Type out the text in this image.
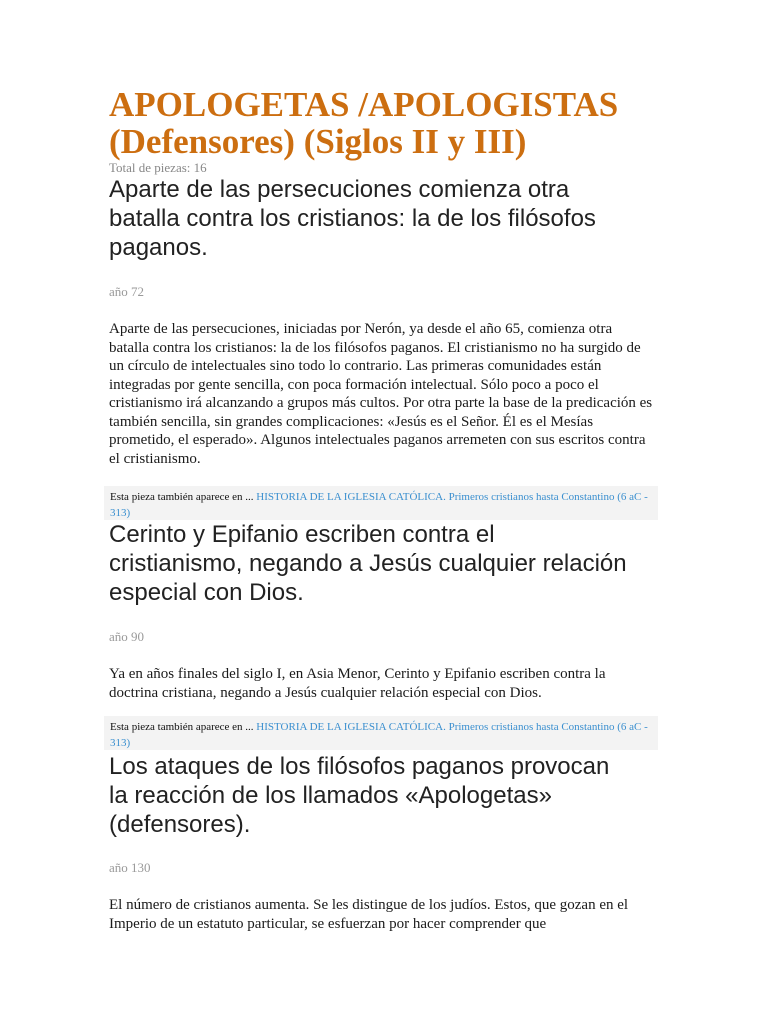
APOLOGETAS /APOLOGISTAS (Defensores) (Siglos II y III)

Total de piezas: 16

Aparte de las persecuciones comienza otra batalla contra los cristianos: la de los filósofos paganos.

año 72

Aparte de las persecuciones, iniciadas por Nerón, ya desde el año 65, comienza otra batalla contra los cristianos: la de los filósofos paganos. El cristianismo no ha surgido de un círculo de intelectuales sino todo lo contrario. Las primeras comunidades están integradas por gente sencilla, con poca formación intelectual. Sólo poco a poco el cristianismo irá alcanzando a grupos más cultos. Por otra parte la base de la predicación es también sencilla, sin grandes complicaciones: «Jesús es el Señor. Él es el Mesías prometido, el esperado». Algunos intelectuales paganos arremeten con sus escritos contra el cristianismo.

Esta pieza también aparece en ... HISTORIA DE LA IGLESIA CATÓLICA. Primeros cristianos hasta Constantino (6 aC - 313)
Cerinto y Epifanio escriben contra el cristianismo, negando a Jesús cualquier relación especial con Dios.

año 90

Ya en años finales del siglo I, en Asia Menor, Cerinto y Epifanio escriben contra la doctrina cristiana, negando a Jesús cualquier relación especial con Dios.

Esta pieza también aparece en ... HISTORIA DE LA IGLESIA CATÓLICA. Primeros cristianos hasta Constantino (6 aC - 313)
Los ataques de los filósofos paganos provocan la reacción de los llamados «Apologetas» (defensores).

año 130

El número de cristianos aumenta. Se les distingue de los judíos. Estos, que gozan en el Imperio de un estatuto particular, se esfuerzan por hacer comprender que
